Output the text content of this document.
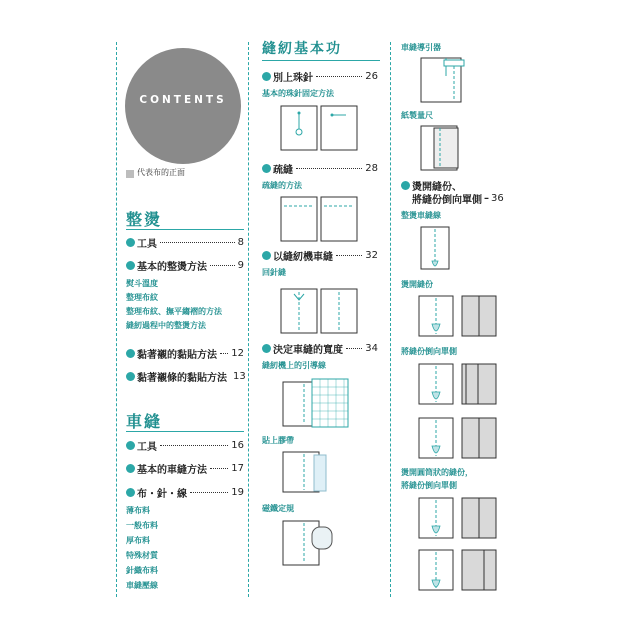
CONTENTS
代表布的正面
整燙
工具	8
基本的整燙方法	9
熨斗溫度
整理布紋
整理布紋、撫平縐褶的方法
縫紉過程中的整燙方法
黏著襯的黏貼方法 12
黏著襯條的黏貼方法 13
車縫
工具	16
基本的車縫方法 17
布・針・線	19
薄布料
一般布料
厚布料
特殊材質
針織布料
車縫壓線
縫紉基本功
別上珠針	26
基本的珠針固定方法
疏縫	28
疏縫的方法
以縫紉機車縫	32
回針縫
決定車縫的寬度 34
縫紉機上的引導線
貼上膠帶
磁鐵定規
車縫導引器
紙製量尺
燙開縫份、
將縫份倒向單側 – 36
整燙車縫線
燙開縫份
將縫份倒向單側
燙開圓筒狀的縫份，
將縫份倒向單側
